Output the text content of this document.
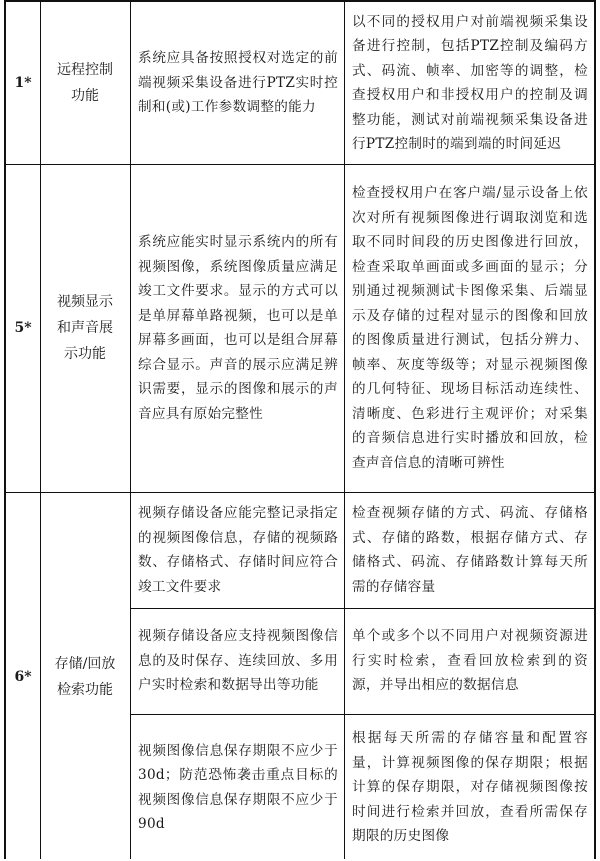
1*
远程控制
功能
系统应具备按照授权对选定的前端视频采集设备进行PTZ实时控制和(或)工作参数调整的能力
以不同的授权用户对前端视频采集设备进行控制，包括PTZ控制及编码方式、码流、帧率、加密等的调整，检查授权用户和非授权用户的控制及调整功能，测试对前端视频采集设备进行PTZ控制时的端到端的时间延迟
5*
视频显示
和声音展
示功能
系统应能实时显示系统内的所有视频图像，系统图像质量应满足竣工文件要求。显示的方式可以是单屏幕单路视频，也可以是单屏幕多画面，也可以是组合屏幕综合显示。声音的展示应满足辨识需要，显示的图像和展示的声音应具有原始完整性
检查授权用户在客户端/显示设备上依次对所有视频图像进行调取浏览和选取不同时间段的历史图像进行回放，检查采取单画面或多画面的显示；分别通过视频测试卡图像采集、后端显示及存储的过程对显示的图像和回放的图像质量进行测试，包括分辨力、帧率、灰度等级等；对显示视频图像的几何特征、现场目标活动连续性、清晰度、色彩进行主观评价；对采集的音频信息进行实时播放和回放，检查声音信息的清晰可辨性
6*
存储/回放
检索功能
视频存储设备应能完整记录指定的视频图像信息，存储的视频路数、存储格式、存储时间应符合竣工文件要求
检查视频存储的方式、码流、存储格式、存储的路数，根据存储方式、存储格式、码流、存储路数计算每天所需的存储容量
视频存储设备应支持视频图像信息的及时保存、连续回放、多用户实时检索和数据导出等功能
单个或多个以不同用户对视频资源进行实时检索，查看回放检索到的资源，并导出相应的数据信息
视频图像信息保存期限不应少于30d；防范恐怖袭击重点目标的视频图像信息保存期限不应少于90d
根据每天所需的存储容量和配置容量，计算视频图像的保存期限；根据计算的保存期限，对存储视频图像按时间进行检索并回放，查看所需保存期限的历史图像
